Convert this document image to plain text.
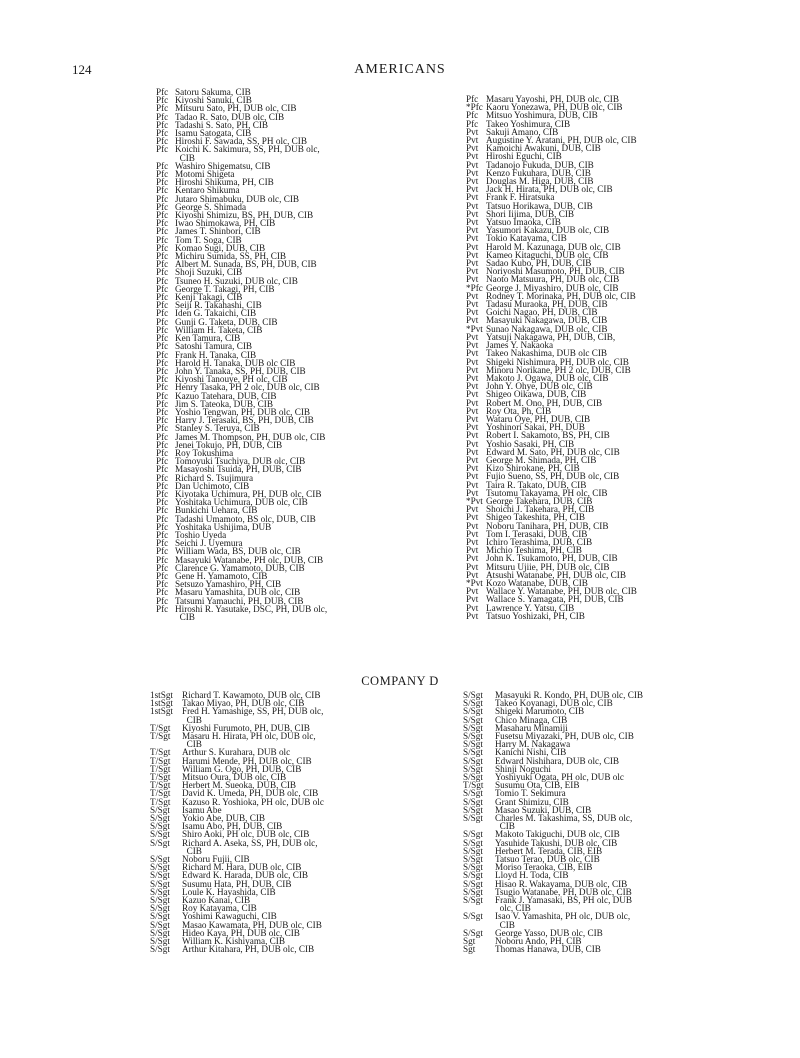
124	AMERICANS
Pfc Satoru Sakuma, CIB
Pfc Kiyoshi Sanuki, CIB
Pfc Mitsuru Sato, PH, DUB olc, CIB
Pfc Tadao R. Sato, DUB olc, CIB
Pfc Tadashi S. Sato, PH, CIB
Pfc Isamu Satogata, CIB
Pfc Hiroshi F. Sawada, SS, PH olc, CIB
Pfc Koichi K. Sakimura, SS, PH, DUB olc,
CIB
Pfc Washiro Shigematsu, CIB
Pfc Motomi Shigeta
Pfc Hiroshi Shikuma, PH, CIB
Pfc Kentaro Shikuma
Pfc Jutaro Shimabuku, DUB olc, CIB
Pfc George S. Shimada
Pfc Kiyoshi Shimizu, BS, PH, DUB, CIB
Pfc Iwao Shimokawa, PH, CIB
Pfc James T. Shinbori, CIB
Pfc Tom T. Soga, CIB
Pfc Komao Sugi, DUB, CIB
Pfc Michiru Sumida, SS, PH, CIB
Pfc Albert M. Sunada, BS, PH, DUB, CIB
Pfc Shoji Suzuki, CIB
Pfc Tsuneo H. Suzuki, DUB olc, CIB
Pfc George T. Takagi, PH, CIB
Pfc Kenji Takagi, CIB
Pfc Seiji R. Takahashi, CIB
Pfc Iden G. Takaichi, CIB
Pfc Gunji G. Taketa, DUB, CIB
Pfc William H. Taketa, CIB
Pfc Ken Tamura, CIB
Pfc Satoshi Tamura, CIB
Pfc Frank H. Tanaka, CIB
Pfc Harold H. Tanaka, DUB olc CIB
Pfc John Y. Tanaka, SS, PH, DUB, CIB
Pfc Kiyoshi Tanouye, PH olc, CIB
Pfc Henry Tasaka, PH 2 olc, DUB olc, CIB
Pfc Kazuo Tatehara, DUB, CIB
Pfc Jim S. Tateoka, DUB, CIB
Pfc Yoshio Tengwan, PH, DUB olc, CIB
Pfc Harry J. Terasaki, BS, PH, DUB, CIB
Pfc Stanley S. Teruya, CIB
Pfc James M. Thompson, PH, DUB olc, CIB
Pfc Jenei Tokujo, PH, DUB, CIB
Pfc Roy Tokushima
Pfc Tomoyuki Tsuchiya, DUB olc, CIB
Pfc Masayoshi Tsuida, PH, DUB, CIB
Pfc Richard S. Tsujimura
Pfc Dan Uchimoto, CIB
Pfc Kiyotaka Uchimura, PH, DUB olc, CIB
Pfc Yoshitaka Uchimura, DUB olc, CIB
Pfc Bunkichi Uehara, CIB
Pfc Tadashi Umamoto, BS olc, DUB, CIB
Pfc Yoshitaka Ushijima, DUB
Pfc Toshio Uyeda
Pfc Seichi J. Uyemura
Pfc William Wada, BS, DUB olc, CIB
Pfc Masayuki Watanabe, PH olc, DUB, CIB
Pfc Clarence G. Yamamoto, DUB, CIB
Pfc Gene H. Yamamoto, CIB
Pfc Setsuzo Yamashiro, PH, CIB
Pfc Masaru Yamashita, DUB olc, CIB
Pfc Tatsumi Yamauchi, PH, DUB, CIB
Pfc Hiroshi R. Yasutake, DSC, PH, DUB olc,
CIB
Pfc Masaru Yayoshi, PH, DUB olc, CIB
*Pfc Kaoru Yonezawa, PH, DUB olc, CIB
Pfc Mitsuo Yoshimura, DUB, CIB
Pfc Takeo Yoshimura, CIB
Pvt Sakuji Amano, CIB
Pvt Augustine Y. Aratani, PH, DUB olc, CIB
Pvt Kamoichi Awakuni, DUB, CIB
Pvt Hiroshi Eguchi, CIB
Pvt Tadanojo Fukuda, DUB, CIB
Pvt Kenzo Fukuhara, DUB, CIB
Pvt Douglas M. Higa, DUB, CIB
Pvt Jack H. Hirata, PH, DUB olc, CIB
Pvt Frank F. Hiratsuka
Pvt Tatsuo Horikawa, DUB, CIB
Pvt Shori Iijima, DUB, CIB
Pvt Yatsuo Imaoka, CIB
Pvt Yasumori Kakazu, DUB olc, CIB
Pvt Tokio Katayama, CIB
Pvt Harold M. Kazunaga, DUB olc, CIB
Pvt Kameo Kitaguchi, DUB olc, CIB
Pvt Sadao Kubo, PH, DUB, CIB
Pvt Noriyoshi Masumoto, PH, DUB, CIB
Pvt Naoto Matsuura, PH, DUB olc, CIB
*Pfc George J. Miyashiro, DUB olc, CIB
Pvt Rodney T. Morinaka, PH, DUB olc, CIB
Pvt Tadasu Muraoka, PH, DUB, CIB
Pvt Goichi Nagao, PH, DUB, CIB
Pvt Masayuki Nakagawa, DUB, CIB
*Pvt Sunao Nakagawa, DUB olc, CIB
Pvt Yatsuji Nakagawa, PH, DUB, CIB,
Pvt James Y. Nakaoka
Pvt Takeo Nakashima, DUB olc CIB
Pvt Shigeki Nishimura, PH, DUB olc, CIB
Pvt Minoru Norikane, PH 2 olc, DUB, CIB
Pvt Makoto J. Ogawa, DUB olc, CIB
Pvt John Y. Ohye, DUB olc, CIB
Pvt Shigeo Oikawa, DUB, CIB
Pvt Robert M. Ono, PH, DUB, CIB
Pvt Roy Ota, Ph, CIB
Pvt Wataru Oye, PH, DUB, CIB
Pvt Yoshinori Sakai, PH, DUB
Pvt Robert I. Sakamoto, BS, PH, CIB
Pvt Yoshio Sasaki, PH, CIB
Pvt Edward M. Sato, PH, DUB olc, CIB
Pvt George M. Shimada, PH, CIB
Pvt Kizo Shirokane, PH, CIB
Pvt Fujio Sueno, SS, PH, DUB olc, CIB
Pvt Taira R. Takato, DUB, CIB
Pvt Tsutomu Takayama, PH olc, CIB
*Pvt George Takehara, DUB, CIB
Pvt Shoichi J. Takehara, PH, CIB
Pvt Shigeo Takeshita, PH, CIB
Pvt Noboru Tanihara, PH, DUB, CIB
Pvt Tom I. Terasaki, DUB, CIB
Pvt Ichiro Terashima, DUB, CIB
Pvt Michio Teshima, PH, CIB
Pvt John K. Tsukamoto, PH, DUB, CIB
Pvt Mitsuru Ujiie, PH, DUB olc, CIB
Pvt Atsushi Watanabe, PH, DUB olc, CIB
*Pvt Kozo Watanabe, DUB, CIB
Pvt Wallace Y. Watanabe, PH, DUB olc, CIB
Pvt Wallace S. Yamagata, PH, DUB, CIB
Pvt Lawrence Y. Yatsu, CIB
Pvt Tatsuo Yoshizaki, PH, CIB
COMPANY D
1stSgt Richard T. Kawamoto, DUB olc, CIB
1stSgt Takao Miyao, PH, DUB olc, CIB
1stSgt Fred H. Yamashige, SS, PH, DUB olc,
CIB
T/Sgt	Kiyoshi Furumoto, PH, DUB, CIB
T/Sgt	Masaru H. Hirata, PH olc, DUB olc,
CIB
T/Sgt	Arthur S. Kurahara, DUB olc
T/Sgt	Harumi Mende, PH, DUB olc, CIB
T/Sgt	William G. Ogo, PH, DUB, CIB
T/Sgt	Mitsuo Oura, DUB olc, CIB
T/Sgt	Herbert M. Sueoka, DUB, CIB
T/Sgt	David K. Umeda, PH, DUB olc, CIB
T/Sgt	Kazuso R. Yoshioka, PH olc, DUB olc
S/Sgt	Isamu Abe
S/Sgt	Yokio Abe, DUB, CIB
S/Sgt	Isamu Abo, PH, DUB, CIB
S/Sgt	Shiro Aoki, PH olc, DUB olc, CIB
S/Sgt	Richard A. Aseka, SS, PH, DUB olc,
CIB
S/Sgt	Noboru Fujii, CIB
S/Sgt	Richard M. Hara, DUB olc, CIB
S/Sgt	Edward K. Harada, DUB olc, CIB
S/Sgt	Susumu Hata, PH, DUB, CIB
S/Sgt	Loule K. Hayashida, CIB
S/Sgt	Kazuo Kanai, CIB
S/Sgt	Roy Katayama, CIB
S/Sgt	Yoshimi Kawaguchi, CIB
S/Sgt	Masao Kawamata, PH, DUB olc, CIB
S/Sgt	Hideo Kaya, PH, DUB olc, CIB
S/Sgt	William K. Kishiyama, CIB
S/Sgt	Arthur Kitahara, PH, DUB olc, CIB
S/Sgt	Masayuki R. Kondo, PH, DUB olc, CIB
S/Sgt	Takeo Koyanagi, DUB olc, CIB
S/Sgt	Shigeki Marumoto, CIB
S/Sgt	Chico Minaga, CIB
S/Sgt	Masaharu Minamiji
S/Sgt	Fusetsu Miyazaki, PH, DUB olc, CIB
S/Sgt	Harry M. Nakagawa
S/Sgt	Kanichi Nishi, CIB
S/Sgt	Edward Nishihara, DUB olc, CIB
S/Sgt	Shinji Noguchi
S/Sgt	Yoshiyuki Ogata, PH olc, DUB olc
T/Sgt	Susumu Ota, CIB, EIB
S/Sgt	Tomio T. Sekimura
S/Sgt	Grant Shimizu, CIB
S/Sgt	Masao Suzuki, DUB, CIB
S/Sgt	Charles M. Takashima, SS, DUB olc,
CIB
S/Sgt	Makoto Takiguchi, DUB olc, CIB
S/Sgt	Yasuhide Takushi, DUB olc, CIB
S/Sgt	Herbert M. Terada, CIB, EIB
S/Sgt	Tatsuo Terao, DUB olc, CIB
S/Sgt	Moriso Teraoka, CIB, EIB
S/Sgt	Lloyd H. Toda, CIB
S/Sgt	Hisao R. Wakayama, DUB olc, CIB
S/Sgt	Tsugio Watanabe, PH, DUB olc, CIB
S/Sgt	Frank J. Yamasaki, BS, PH olc, DUB
olc, CIB
S/Sgt	Isao V. Yamashita, PH olc, DUB olc,
CIB
S/Sgt	George Yasso, DUB olc, CIB
Sgt	Noboru Ando, PH, CIB
Sgt	Thomas Hanawa, DUB, CIB
